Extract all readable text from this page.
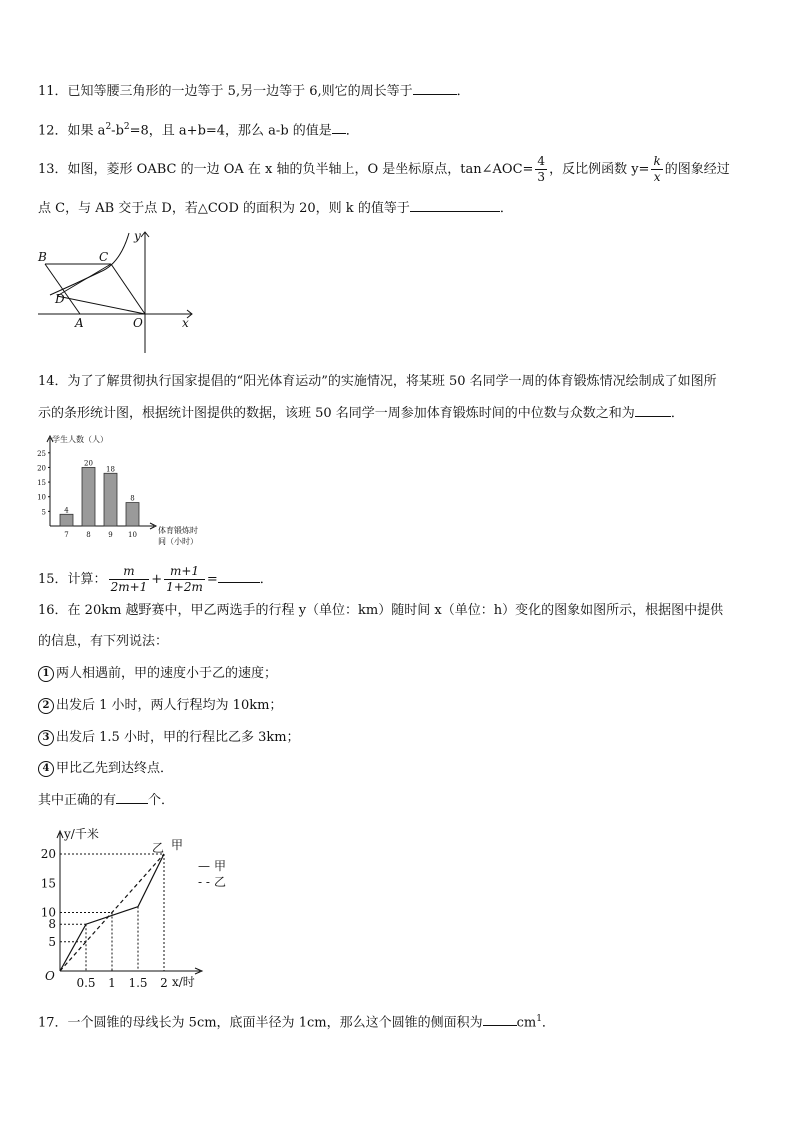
11．已知等腰三角形的一边等于 5,另一边等于 6,则它的周长等于	．
12．如果 $a^2-b^2=8$，且 a+b=4，那么 a-b 的值是 ．
13．如图，菱形 OABC 的一边 OA 在 x 轴的负半轴上，O 是坐标原点，tan∠AOC= $\frac{4}{3}$ ，反比例函数 $y= \frac{k}{x}$ 的图象经过
点 C，与 AB 交于点 D，若△COD 的面积为 20，则 k 的值等于	．
B	C
D
A	O	x
y
14．为了了解贯彻执行国家提倡的“阳光体育运动”的实施情况，将某班 50 名同学一周的体育锻炼情况绘制成了如图所
示的条形统计图，根据统计图提供的数据，该班 50 名同学一周参加体育锻炼时间的中位数与众数之和为	．
学生人数（人）
5
10
15
20
25
4
7
20
8
18
9
8
10	体育锻炼时
间（小时）
15．计算： $\frac{m}{2m+1} + \frac{m+1}{1+2m}$ =	．
16．在 20km 越野赛中，甲乙两选手的行程 y（单位：km）随时间 x（单位：h）变化的图象如图所示，根据图中提供
的信息，有下列说法：
1 两人相遇前，甲的速度小于乙的速度；
2 出发后 1 小时，两人行程均为 10km；
3 出发后 1.5 小时，甲的行程比乙多 3km；
4 甲比乙先到达终点．
其中正确的有 个．
y/千米
x/时
O
5
8
10
15
20
0.5 1 1.5 2
乙 甲
— 甲
- - 乙
17．一个圆锥的母线长为 5cm，底面半径为 1cm，那么这个圆锥的侧面积为	$cm^1$．
